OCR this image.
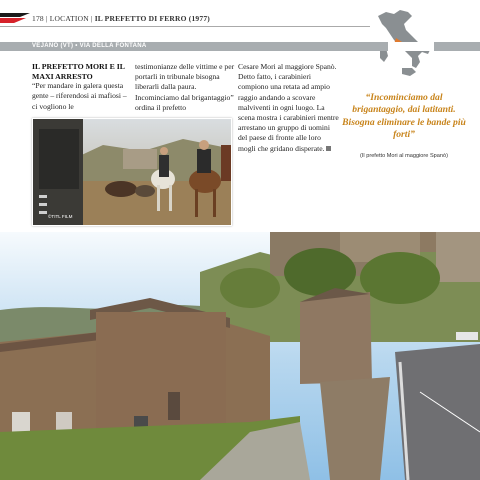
178 | LOCATION | IL PREFETTO DI FERRO (1977)
VEJANO (VT) • VIA DELLA FONTANA
IL PREFETTO MORI E IL MAXI ARRESTO
“Per mandare in galera questa gente – riferendosi ai mafiosi – ci vogliono le
testimonianze delle vittime e per portarli in tribunale bisogna liberarli dalla paura. Incominciamo dal brigantaggio” ordina il prefetto
Cesare Mori al maggiore Spanò. Detto fatto, i carabinieri compiono una retata ad ampio raggio andando a scovare malviventi in ogni luogo. La scena mostra i carabinieri mentre arrestano un gruppo di uomini del paese di fronte alle loro mogli che gridano disperate.
“Incominciamo dal brigantaggio, dai latitanti. Bisogna eliminare le bande più forti”
(Il prefetto Mori al maggiore Spanò)
©TITL FILM
